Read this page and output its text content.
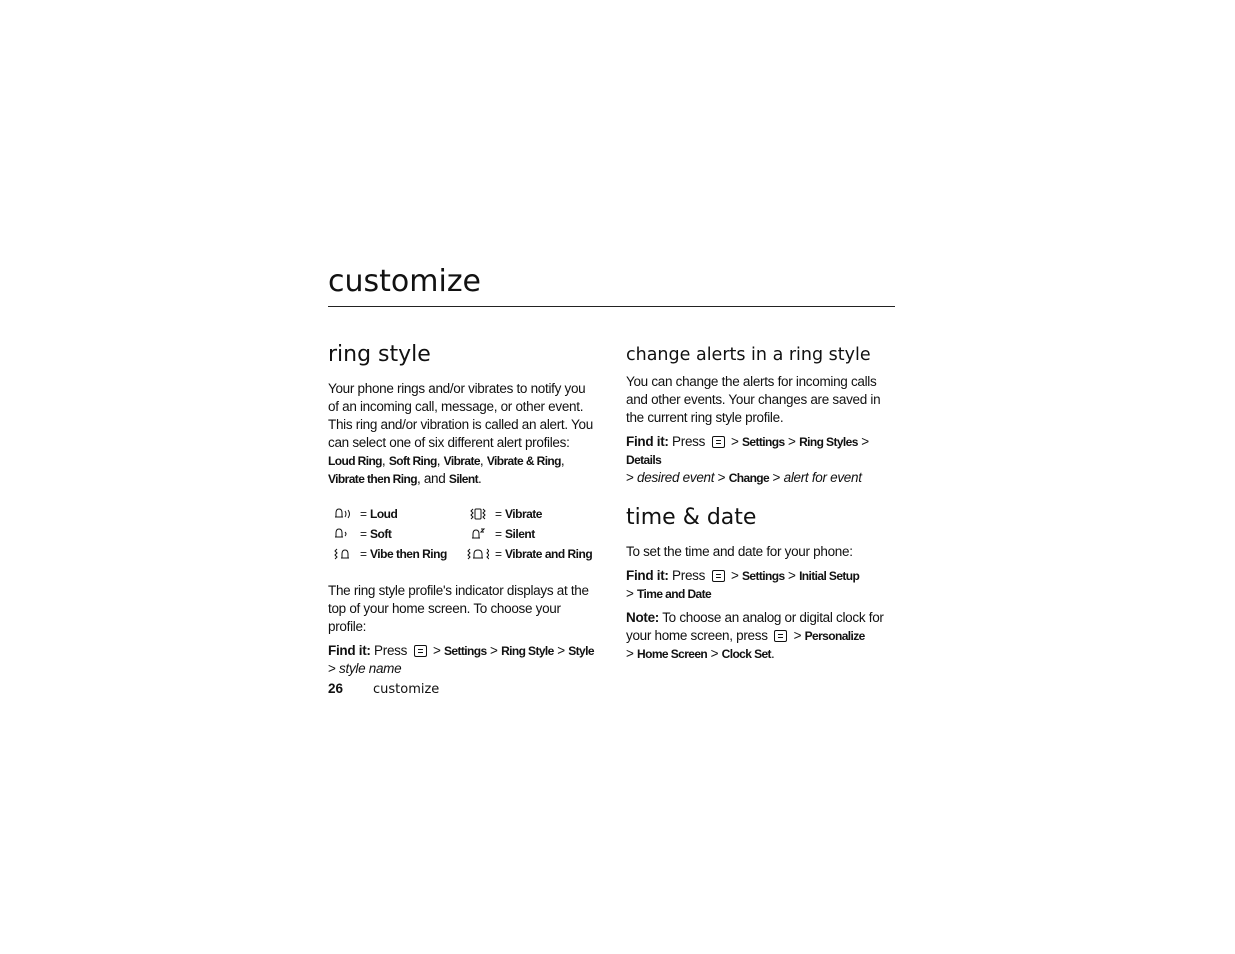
customize
ring style

Your phone rings and/or vibrates to notify you of an incoming call, message, or other event. This ring and/or vibration is called an alert. You can select one of six different alert profiles: Loud Ring, Soft Ring, Vibrate, Vibrate & Ring, Vibrate then Ring, and Silent.

= Loud	= Vibrate
= Soft	= Silent
= Vibe then Ring	= Vibrate and Ring

The ring style profile's indicator displays at the top of your home screen. To choose your profile:

Find it: Press  > Settings > Ring Style > Style
> style name

change alerts in a ring style

You can change the alerts for incoming calls and other events. Your changes are saved in the current ring style profile.

Find it: Press  > Settings > Ring Styles > Details
> desired event > Change > alert for event

time & date

To set the time and date for your phone:

Find it: Press  > Settings > Initial Setup
> Time and Date

Note: To choose an analog or digital clock for your home screen, press  > Personalize
> Home Screen > Clock Set.

26 customize
